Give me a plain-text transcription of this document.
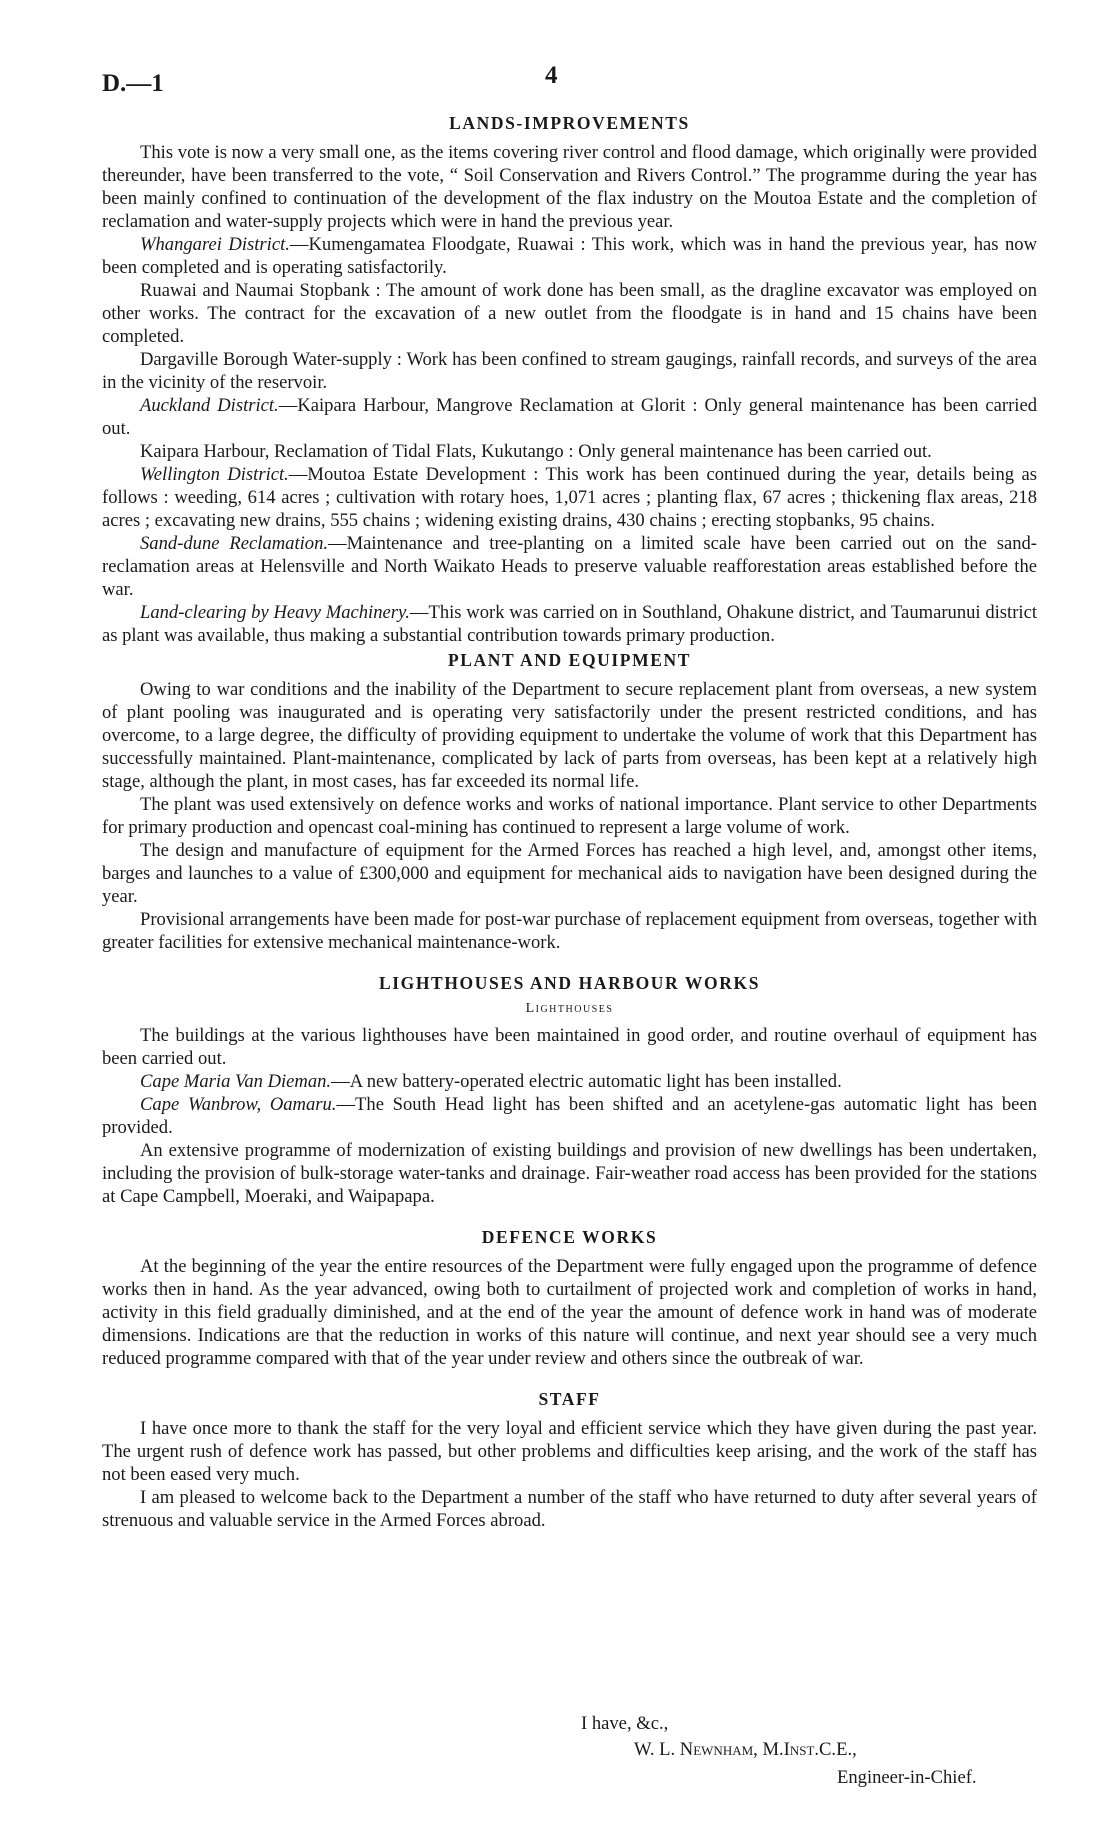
D.—1	4
LANDS-IMPROVEMENTS

This vote is now a very small one, as the items covering river control and flood damage, which originally were provided thereunder, have been transferred to the vote, “ Soil Conservation and Rivers Control.” The programme during the year has been mainly confined to continuation of the development of the flax industry on the Moutoa Estate and the completion of reclamation and water-supply projects which were in hand the previous year.

Whangarei District.—Kumengamatea Floodgate, Ruawai : This work, which was in hand the previous year, has now been completed and is operating satisfactorily.

Ruawai and Naumai Stopbank : The amount of work done has been small, as the dragline excavator was employed on other works. The contract for the excavation of a new outlet from the floodgate is in hand and 15 chains have been completed.

Dargaville Borough Water-supply : Work has been confined to stream gaugings, rainfall records, and surveys of the area in the vicinity of the reservoir.

Auckland District.—Kaipara Harbour, Mangrove Reclamation at Glorit : Only general maintenance has been carried out.

Kaipara Harbour, Reclamation of Tidal Flats, Kukutango : Only general maintenance has been carried out.

Wellington District.—Moutoa Estate Development : This work has been continued during the year, details being as follows : weeding, 614 acres ; cultivation with rotary hoes, 1,071 acres ; planting flax, 67 acres ; thickening flax areas, 218 acres ; excavating new drains, 555 chains ; widening existing drains, 430 chains ; erecting stopbanks, 95 chains.

Sand-dune Reclamation.—Maintenance and tree-planting on a limited scale have been carried out on the sand-reclamation areas at Helensville and North Waikato Heads to preserve valuable reafforestation areas established before the war.

Land-clearing by Heavy Machinery.—This work was carried on in Southland, Ohakune district, and Taumarunui district as plant was available, thus making a substantial contribution towards primary production.

PLANT AND EQUIPMENT

Owing to war conditions and the inability of the Department to secure replacement plant from overseas, a new system of plant pooling was inaugurated and is operating very satisfactorily under the present restricted conditions, and has overcome, to a large degree, the difficulty of providing equipment to undertake the volume of work that this Department has successfully maintained. Plant-maintenance, complicated by lack of parts from overseas, has been kept at a relatively high stage, although the plant, in most cases, has far exceeded its normal life.

The plant was used extensively on defence works and works of national importance. Plant service to other Departments for primary production and opencast coal-mining has continued to represent a large volume of work.

The design and manufacture of equipment for the Armed Forces has reached a high level, and, amongst other items, barges and launches to a value of £300,000 and equipment for mechanical aids to navigation have been designed during the year.

Provisional arrangements have been made for post-war purchase of replacement equipment from overseas, together with greater facilities for extensive mechanical maintenance-work.

LIGHTHOUSES AND HARBOUR WORKS
Lighthouses

The buildings at the various lighthouses have been maintained in good order, and routine overhaul of equipment has been carried out.

Cape Maria Van Dieman.—A new battery-operated electric automatic light has been installed.

Cape Wanbrow, Oamaru.—The South Head light has been shifted and an acetylene-gas automatic light has been provided.

An extensive programme of modernization of existing buildings and provision of new dwellings has been undertaken, including the provision of bulk-storage water-tanks and drainage. Fair-weather road access has been provided for the stations at Cape Campbell, Moeraki, and Waipapapa.

DEFENCE WORKS

At the beginning of the year the entire resources of the Department were fully engaged upon the programme of defence works then in hand. As the year advanced, owing both to curtailment of projected work and completion of works in hand, activity in this field gradually diminished, and at the end of the year the amount of defence work in hand was of moderate dimensions. Indications are that the reduction in works of this nature will continue, and next year should see a very much reduced programme compared with that of the year under review and others since the outbreak of war.

STAFF

I have once more to thank the staff for the very loyal and efficient service which they have given during the past year. The urgent rush of defence work has passed, but other problems and difficulties keep arising, and the work of the staff has not been eased very much.

I am pleased to welcome back to the Department a number of the staff who have returned to duty after several years of strenuous and valuable service in the Armed Forces abroad.

I have, &c.,
W. L. Newnham, M.Inst.C.E.,
Engineer-in-Chief.
